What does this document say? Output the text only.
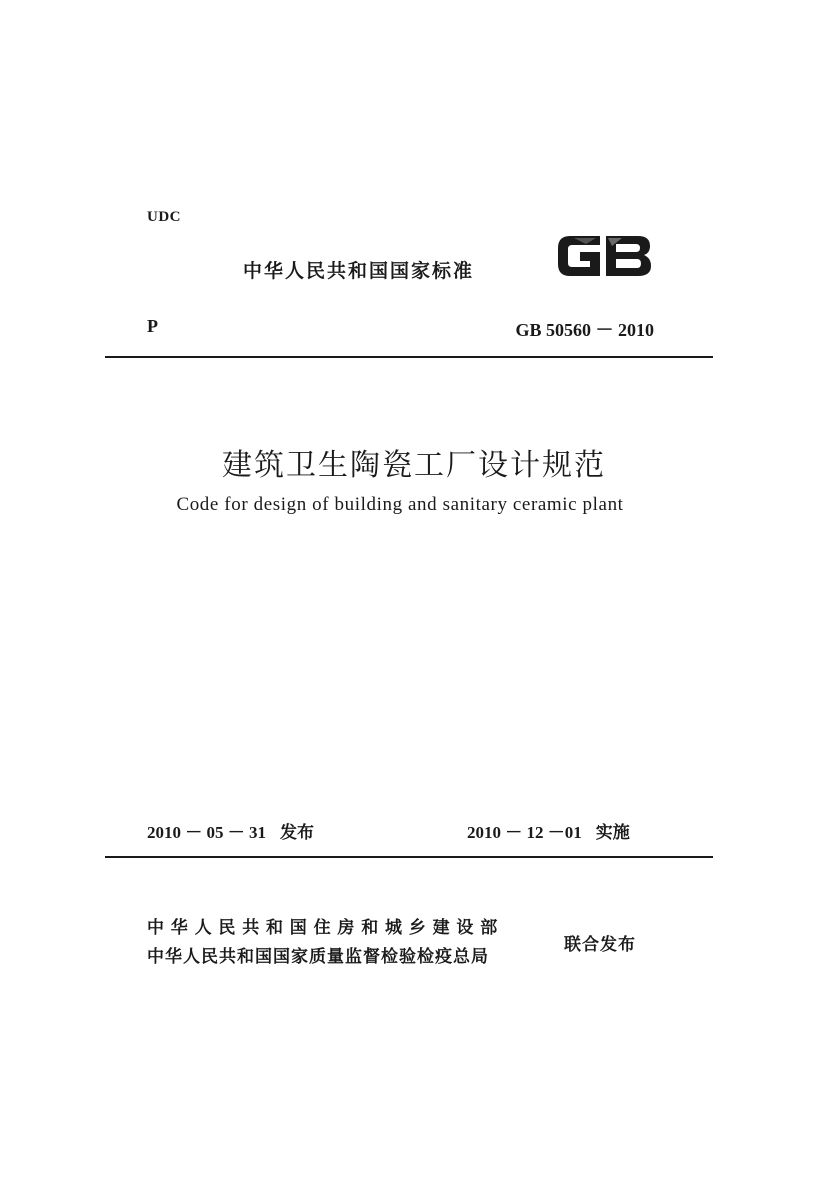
UDC
中华人民共和国国家标准
P	GB 50560 － 2010
建筑卫生陶瓷工厂设计规范
Code for design of building and sanitary ceramic plant
2010 － 05 － 31 发布	2010 － 12 －01 实施
中华人民共和国住房和城乡建设部
中华人民共和国国家质量监督检验检疫总局
联合发布
